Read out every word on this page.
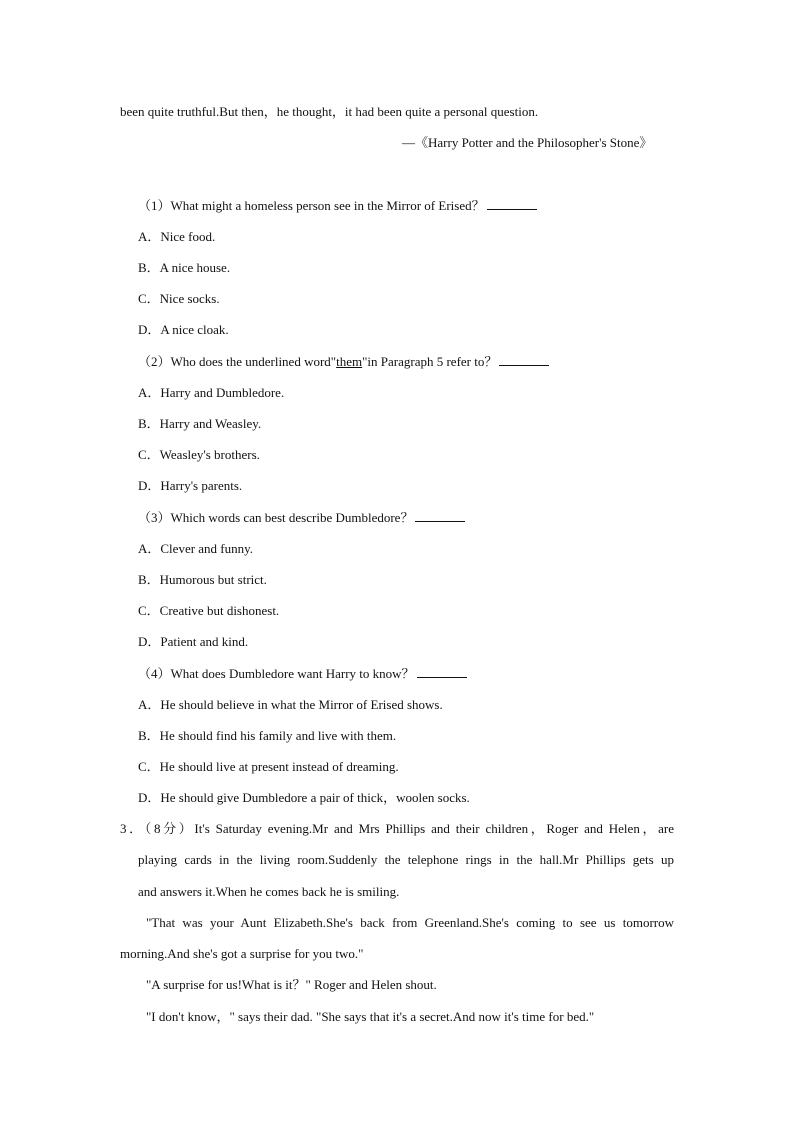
been quite truthful.But then，he thought，it had been quite a personal question.
—《Harry Potter and the Philosopher's Stone》
（1）What might a homeless person see in the Mirror of Erised？
A．Nice food.
B．A nice house.
C．Nice socks.
D．A nice cloak.
（2）Who does the underlined word"them"in Paragraph 5 refer to？
A．Harry and Dumbledore.
B．Harry and Weasley.
C．Weasley's brothers.
D．Harry's parents.
（3）Which words can best describe Dumbledore？
A．Clever and funny.
B．Humorous but strict.
C．Creative but dishonest.
D．Patient and kind.
（4）What does Dumbledore want Harry to know？
A．He should believe in what the Mirror of Erised shows.
B．He should find his family and live with them.
C．He should live at present instead of dreaming.
D．He should give Dumbledore a pair of thick，woolen socks.
3．（8分）It's Saturday evening.Mr and Mrs Phillips and their children，Roger and Helen，are
playing cards in the living room.Suddenly the telephone rings in the hall.Mr Phillips gets up
and answers it.When he comes back he is smiling.
"That was your Aunt Elizabeth.She's back from Greenland.She's coming to see us tomorrow
morning.And she's got a surprise for you two."
"A surprise for us!What is it？" Roger and Helen shout.
"I don't know，" says their dad. "She says that it's a secret.And now it's time for bed."
